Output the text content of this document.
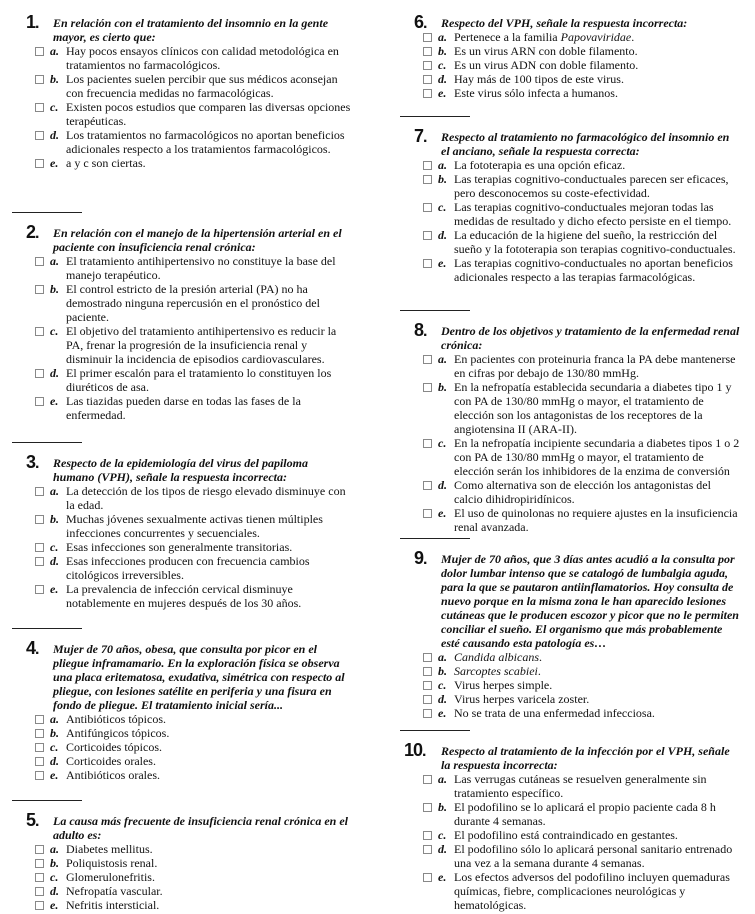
1 . En relación con el tratamiento del insomnio en la gente mayor, es cierto que:
a. Hay pocos ensayos clínicos con calidad metodológica en tratamientos no farmacológicos.
b. Los pacientes suelen percibir que sus médicos aconsejan con frecuencia medidas no farmacológicas.
c. Existen pocos estudios que comparen las diversas opciones terapéuticas.
d. Los tratamientos no farmacológicos no aportan beneficios adicionales respecto a los tratamientos farmacológicos.
e. a y c son ciertas.
2 . En relación con el manejo de la hipertensión arterial en el paciente con insuficiencia renal crónica:
a. El tratamiento antihipertensivo no constituye la base del manejo terapéutico.
b. El control estricto de la presión arterial (PA) no ha demostrado ninguna repercusión en el pronóstico del paciente.
c. El objetivo del tratamiento antihipertensivo es reducir la PA, frenar la progresión de la insuficiencia renal y disminuir la incidencia de episodios cardiovasculares.
d. El primer escalón para el tratamiento lo constituyen los diuréticos de asa.
e. Las tiazidas pueden darse en todas las fases de la enfermedad.
3 . Respecto de la epidemiología del virus del papiloma humano (VPH), señale la respuesta incorrecta:
a. La detección de los tipos de riesgo elevado disminuye con la edad.
b. Muchas jóvenes sexualmente activas tienen múltiples infecciones concurrentes y secuenciales.
c. Esas infecciones son generalmente transitorias.
d. Esas infecciones producen con frecuencia cambios citológicos irreversibles.
e. La prevalencia de infección cervical disminuye notablemente en mujeres después de los 30 años.
4 . Mujer de 70 años, obesa, que consulta por picor en el pliegue inframamario. En la exploración física se observa una placa eritematosa, exudativa, simétrica con respecto al pliegue, con lesiones satélite en periferia y una fisura en fondo de pliegue. El tratamiento inicial sería...
a. Antibióticos tópicos.
b. Antifúngicos tópicos.
c. Corticoides tópicos.
d. Corticoides orales.
e. Antibióticos orales.
5 . La causa más frecuente de insuficiencia renal crónica en el adulto es:
a. Diabetes mellitus.
b. Poliquistosis renal.
c. Glomerulonefritis.
d. Nefropatía vascular.
e. Nefritis intersticial.
6 . Respecto del VPH, señale la respuesta incorrecta:
a. Pertenece a la familia Papovaviridae.
b. Es un virus ARN con doble filamento.
c. Es un virus ADN con doble filamento.
d. Hay más de 100 tipos de este virus.
e. Este virus sólo infecta a humanos.
7 . Respecto al tratamiento no farmacológico del insomnio en el anciano, señale la respuesta correcta:
a. La fototerapia es una opción eficaz.
b. Las terapias cognitivo-conductuales parecen ser eficaces, pero desconocemos su coste-efectividad.
c. Las terapias cognitivo-conductuales mejoran todas las medidas de resultado y dicho efecto persiste en el tiempo.
d. La educación de la higiene del sueño, la restricción del sueño y la fototerapia son terapias cognitivo-conductuales.
e. Las terapias cognitivo-conductuales no aportan beneficios adicionales respecto a las terapias farmacológicas.
8 . Dentro de los objetivos y tratamiento de la enfermedad renal crónica:
a. En pacientes con proteinuria franca la PA debe mantenerse en cifras por debajo de 130/80 mmHg.
b. En la nefropatía establecida secundaria a diabetes tipo 1 y con PA de 130/80 mmHg o mayor, el tratamiento de elección son los antagonistas de los receptores de la angiotensina II (ARA-II).
c. En la nefropatía incipiente secundaria a diabetes tipos 1 o 2 con PA de 130/80 mmHg o mayor, el tratamiento de elección serán los inhibidores de la enzima de conversión
d. Como alternativa son de elección los antagonistas del calcio dihidropiridínicos.
e. El uso de quinolonas no requiere ajustes en la insuficiencia renal avanzada.
9 . Mujer de 70 años, que 3 días antes acudió a la consulta por dolor lumbar intenso que se catalogó de lumbalgia aguda, para la que se pautaron antiinflamatorios. Hoy consulta de nuevo porque en la misma zona le han aparecido lesiones cutáneas que le producen escozor y picor que no le permiten conciliar el sueño. El organismo que más probablemente esté causando esta patología es…
a. Candida albicans.
b. Sarcoptes scabiei.
c. Virus herpes simple.
d. Virus herpes varicela zoster.
e. No se trata de una enfermedad infecciosa.
10 . Respecto al tratamiento de la infección por el VPH, señale la respuesta incorrecta:
a. Las verrugas cutáneas se resuelven generalmente sin tratamiento específico.
b. El podofilino se lo aplicará el propio paciente cada 8 h durante 4 semanas.
c. El podofilino está contraindicado en gestantes.
d. El podofilino sólo lo aplicará personal sanitario entrenado una vez a la semana durante 4 semanas.
e. Los efectos adversos del podofilino incluyen quemaduras químicas, fiebre, complicaciones neurológicas y hematológicas.
